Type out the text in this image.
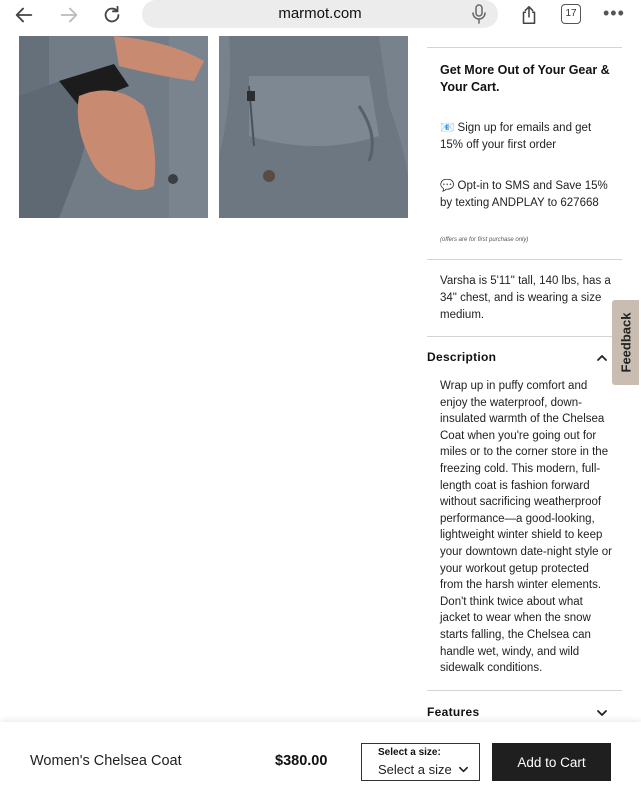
marmot.com	17 •••
Get More Out of Your Gear & Your Cart.
📧 Sign up for emails and get 15% off your first order
💬 Opt-in to SMS and Save 15% by texting ANDPLAY to 627668
(offers are for first purchase only)
Varsha is 5'11" tall, 140 lbs, has a 34" chest, and is wearing a size medium.
Description
Wrap up in puffy comfort and enjoy the waterproof, down-insulated warmth of the Chelsea Coat when you're going out for miles or to the corner store in the freezing cold. This modern, full-length coat is fashion forward without sacrificing weatherproof performance—a good-looking, lightweight winter shield to keep your downtown date-night style or your workout getup protected from the harsh winter elements. Don't think twice about what jacket to wear when the snow starts falling, the Chelsea can handle wet, windy, and wild sidewalk conditions.
Features
Feedback
Women's Chelsea Coat	$380.00
Select a size:
Select a size	Add to Cart
